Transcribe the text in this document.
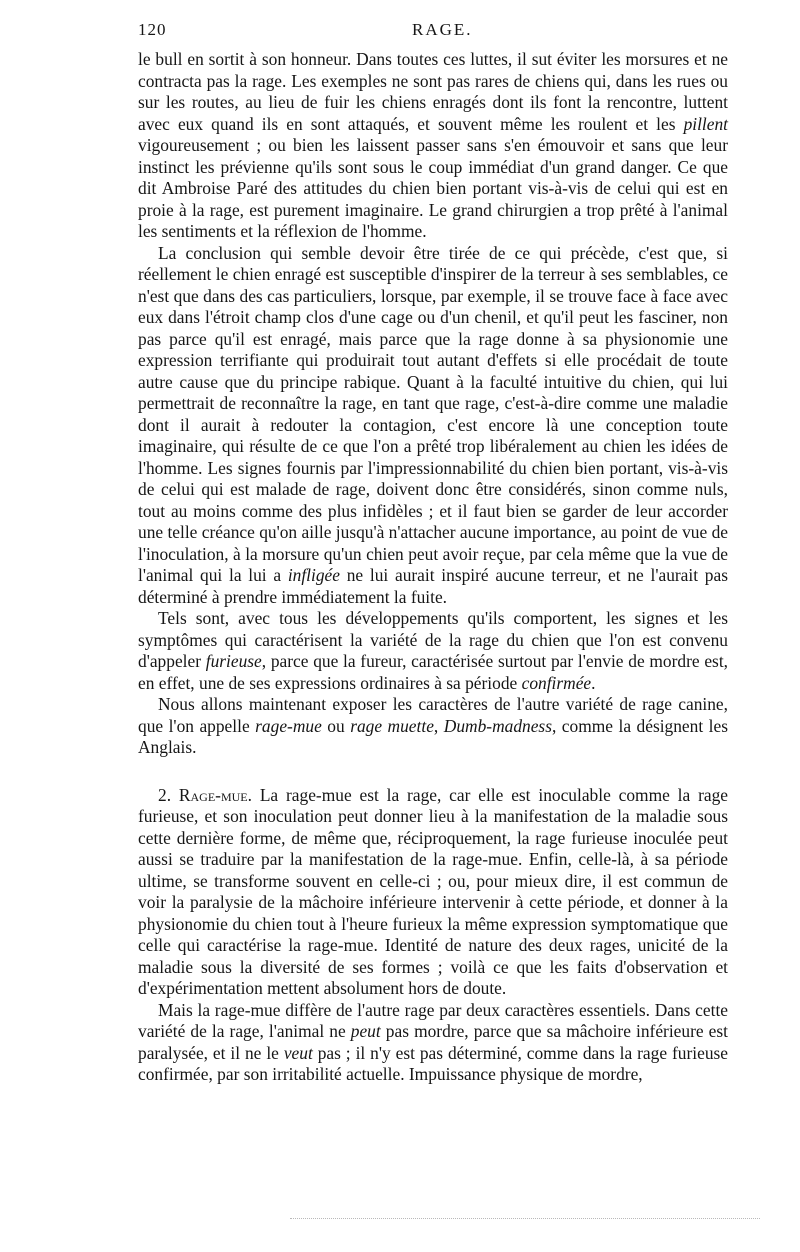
120	RAGE.

le bull en sortit à son honneur. Dans toutes ces luttes, il sut éviter les morsures et ne contracta pas la rage. Les exemples ne sont pas rares de chiens qui, dans les rues ou sur les routes, au lieu de fuir les chiens enragés dont ils font la rencontre, luttent avec eux quand ils en sont attaqués, et souvent même les roulent et les pillent vigoureusement ; ou bien les laissent passer sans s'en émouvoir et sans que leur instinct les prévienne qu'ils sont sous le coup immédiat d'un grand danger. Ce que dit Ambroise Paré des attitudes du chien bien portant vis-à-vis de celui qui est en proie à la rage, est purement imaginaire. Le grand chirurgien a trop prêté à l'animal les sentiments et la réflexion de l'homme.

La conclusion qui semble devoir être tirée de ce qui précède, c'est que, si réellement le chien enragé est susceptible d'inspirer de la terreur à ses semblables, ce n'est que dans des cas particuliers, lorsque, par exemple, il se trouve face à face avec eux dans l'étroit champ clos d'une cage ou d'un chenil, et qu'il peut les fasciner, non pas parce qu'il est enragé, mais parce que la rage donne à sa physionomie une expression terrifiante qui produirait tout autant d'effets si elle procédait de toute autre cause que du principe rabique. Quant à la faculté intuitive du chien, qui lui permettrait de reconnaître la rage, en tant que rage, c'est-à-dire comme une maladie dont il aurait à redouter la contagion, c'est encore là une conception toute imaginaire, qui résulte de ce que l'on a prêté trop libéralement au chien les idées de l'homme. Les signes fournis par l'impressionnabilité du chien bien portant, vis-à-vis de celui qui est malade de rage, doivent donc être considérés, sinon comme nuls, tout au moins comme des plus infidèles ; et il faut bien se garder de leur accorder une telle créance qu'on aille jusqu'à n'attacher aucune importance, au point de vue de l'inoculation, à la morsure qu'un chien peut avoir reçue, par cela même que la vue de l'animal qui la lui a infligée ne lui aurait inspiré aucune terreur, et ne l'aurait pas déterminé à prendre immédiatement la fuite.

Tels sont, avec tous les développements qu'ils comportent, les signes et les symptômes qui caractérisent la variété de la rage du chien que l'on est convenu d'appeler furieuse, parce que la fureur, caractérisée surtout par l'envie de mordre est, en effet, une de ses expressions ordinaires à sa période confirmée.

Nous allons maintenant exposer les caractères de l'autre variété de rage canine, que l'on appelle rage-mue ou rage muette, Dumb-madness, comme la désignent les Anglais.

2. Rage-mue. La rage-mue est la rage, car elle est inoculable comme la rage furieuse, et son inoculation peut donner lieu à la manifestation de la maladie sous cette dernière forme, de même que, réciproquement, la rage furieuse inoculée peut aussi se traduire par la manifestation de la rage-mue. Enfin, celle-là, à sa période ultime, se transforme souvent en celle-ci ; ou, pour mieux dire, il est commun de voir la paralysie de la mâchoire inférieure intervenir à cette période, et donner à la physionomie du chien tout à l'heure furieux la même expression symptomatique que celle qui caractérise la rage-mue. Identité de nature des deux rages, unicité de la maladie sous la diversité de ses formes ; voilà ce que les faits d'observation et d'expérimentation mettent absolument hors de doute.

Mais la rage-mue diffère de l'autre rage par deux caractères essentiels. Dans cette variété de la rage, l'animal ne peut pas mordre, parce que sa mâchoire inférieure est paralysée, et il ne le veut pas ; il n'y est pas déterminé, comme dans la rage furieuse confirmée, par son irritabilité actuelle. Impuissance physique de mordre,
